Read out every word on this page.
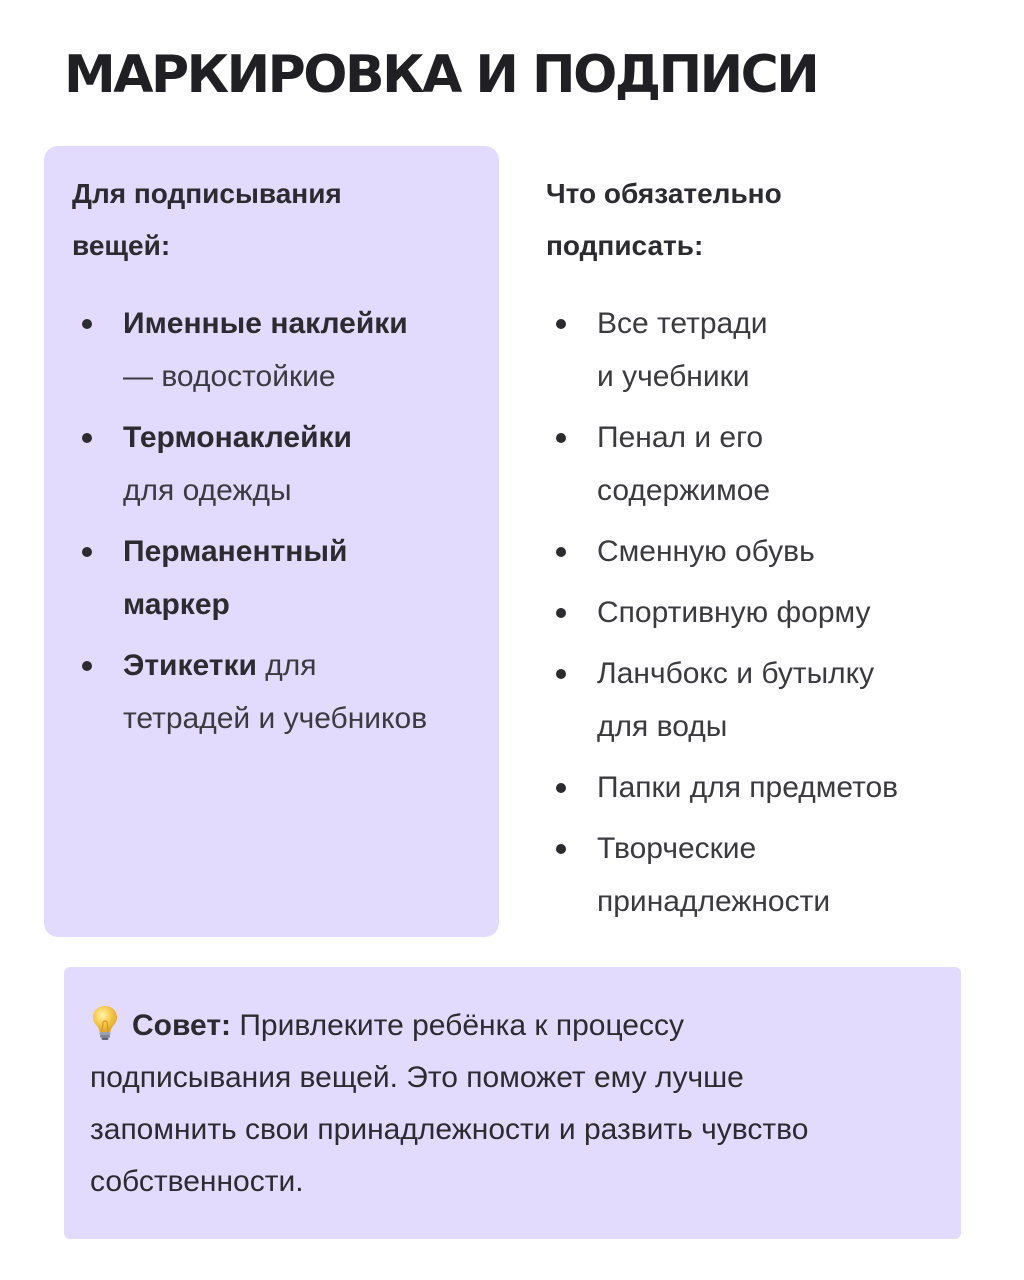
МАРКИРОВКА И ПОДПИСИ
Для подписывания
вещей:
Именные наклейки
— водостойкие
Термонаклейки
для одежды
Перманентный
маркер
Этикетки для
тетрадей и учебников
Что обязательно
подписать:
Все тетради
и учебники
Пенал и его
содержимое
Сменную обувь
Спортивную форму
Ланчбокс и бутылку
для воды
Папки для предметов
Творческие
принадлежности

Совет: Привлеките ребёнка к процессу
подписывания вещей. Это поможет ему лучше
запомнить свои принадлежности и развить чувство
собственности.
